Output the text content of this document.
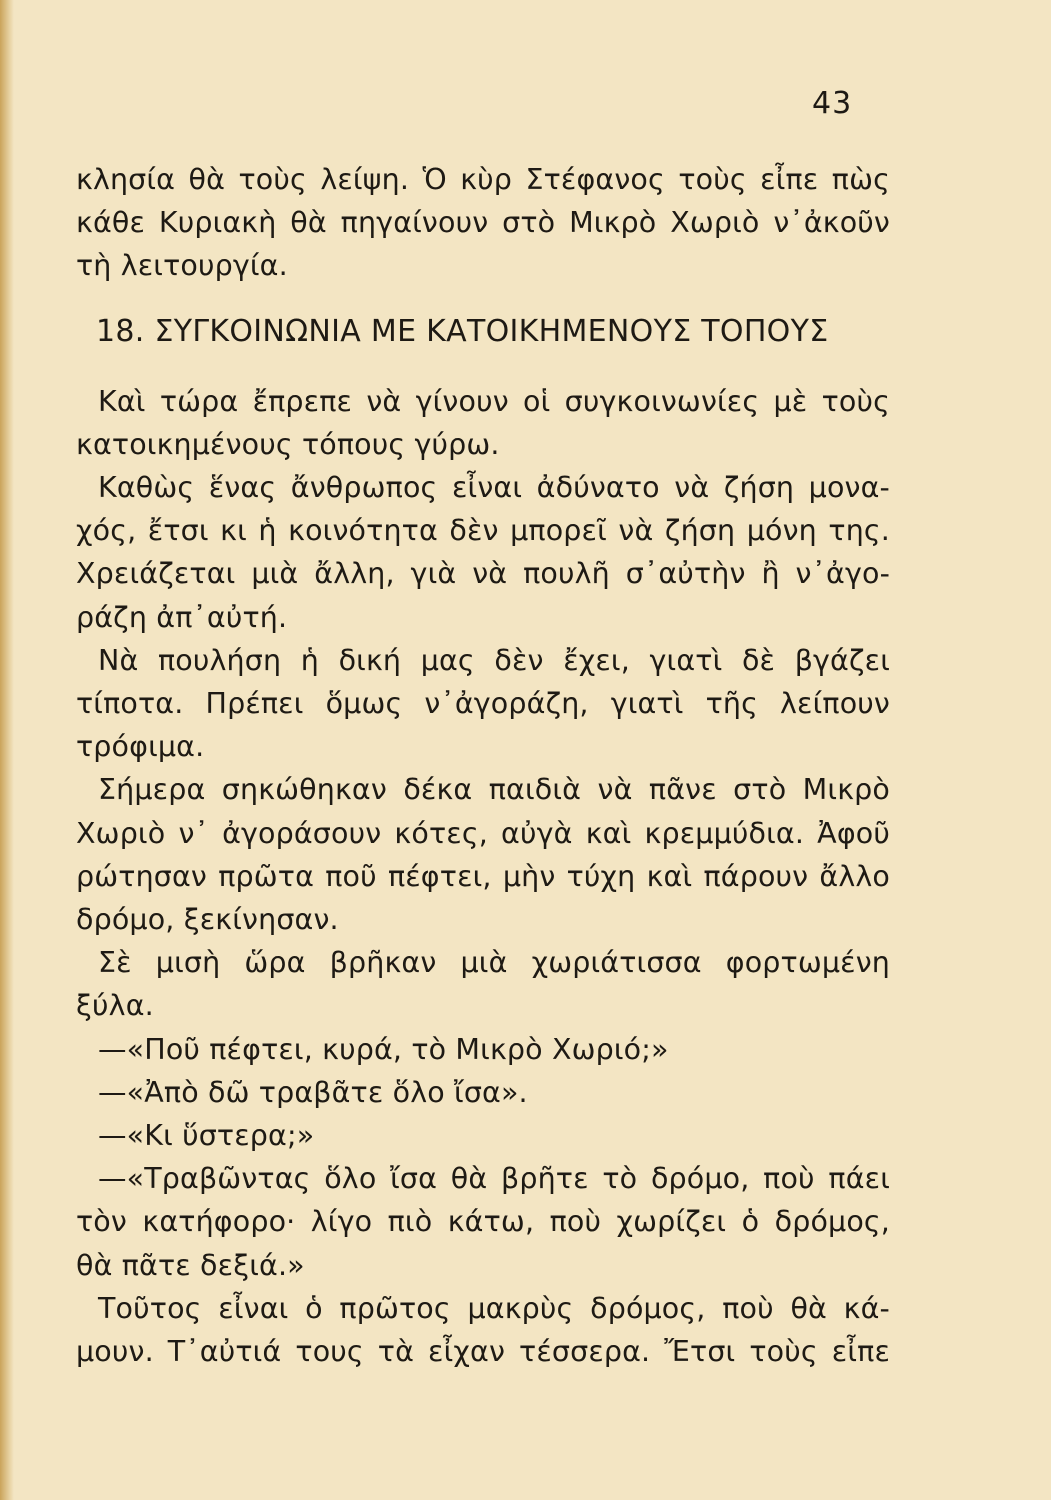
43
κλησία θὰ τοὺς λείψη. Ὁ κὺρ Στέφανος τοὺς εἶπε πὼς
κάθε Κυριακὴ θὰ πηγαίνουν στὸ Μικρὸ Χωριὸ ν᾿ἀκοῦν
τὴ λειτουργία.
18. ΣΥΓΚΟΙΝΩΝΙΑ ΜΕ ΚΑΤΟΙΚΗΜΕΝΟΥΣ ΤΟΠΟΥΣ
Καὶ τώρα ἔπρεπε νὰ γίνουν οἱ συγκοινωνίες μὲ τοὺς
κατοικημένους τόπους γύρω.
Καθὼς ἕνας ἄνθρωπος εἶναι ἀδύνατο νὰ ζήση μονα-
χός, ἔτσι κι ἡ κοινότητα δὲν μπορεῖ νὰ ζήση μόνη της.
Χρειάζεται μιὰ ἄλλη, γιὰ νὰ πουλῆ σ᾿αὐτὴν ἢ ν᾿ἀγο-
ράζη ἀπ᾿αὐτή.
Νὰ πουλήση ἡ δική μας δὲν ἔχει, γιατὶ δὲ βγάζει
τίποτα. Πρέπει ὅμως ν᾿ἀγοράζη, γιατὶ τῆς λείπουν
τρόφιμα.
Σήμερα σηκώθηκαν δέκα παιδιὰ νὰ πᾶνε στὸ Μικρὸ
Χωριὸ ν᾿ ἀγοράσουν κότες, αὐγὰ καὶ κρεμμύδια. Ἀφοῦ
ρώτησαν πρῶτα ποῦ πέφτει, μὴν τύχη καὶ πάρουν ἄλλο
δρόμο, ξεκίνησαν.
Σὲ μισὴ ὥρα βρῆκαν μιὰ χωριάτισσα φορτωμένη
ξύλα.
—«Ποῦ πέφτει, κυρά, τὸ Μικρὸ Χωριό;»
—«Ἀπὸ δῶ τραβᾶτε ὅλο ἴσα».
—«Κι ὕστερα;»
—«Τραβῶντας ὅλο ἴσα θὰ βρῆτε τὸ δρόμο, ποὺ πάει
τὸν κατήφορο· λίγο πιὸ κάτω, ποὺ χωρίζει ὁ δρόμος,
θὰ πᾶτε δεξιά.»
Τοῦτος εἶναι ὁ πρῶτος μακρὺς δρόμος, ποὺ θὰ κά-
μουν. Τ᾿αὐτιά τους τὰ εἶχαν τέσσερα. Ἔτσι τοὺς εἶπε
